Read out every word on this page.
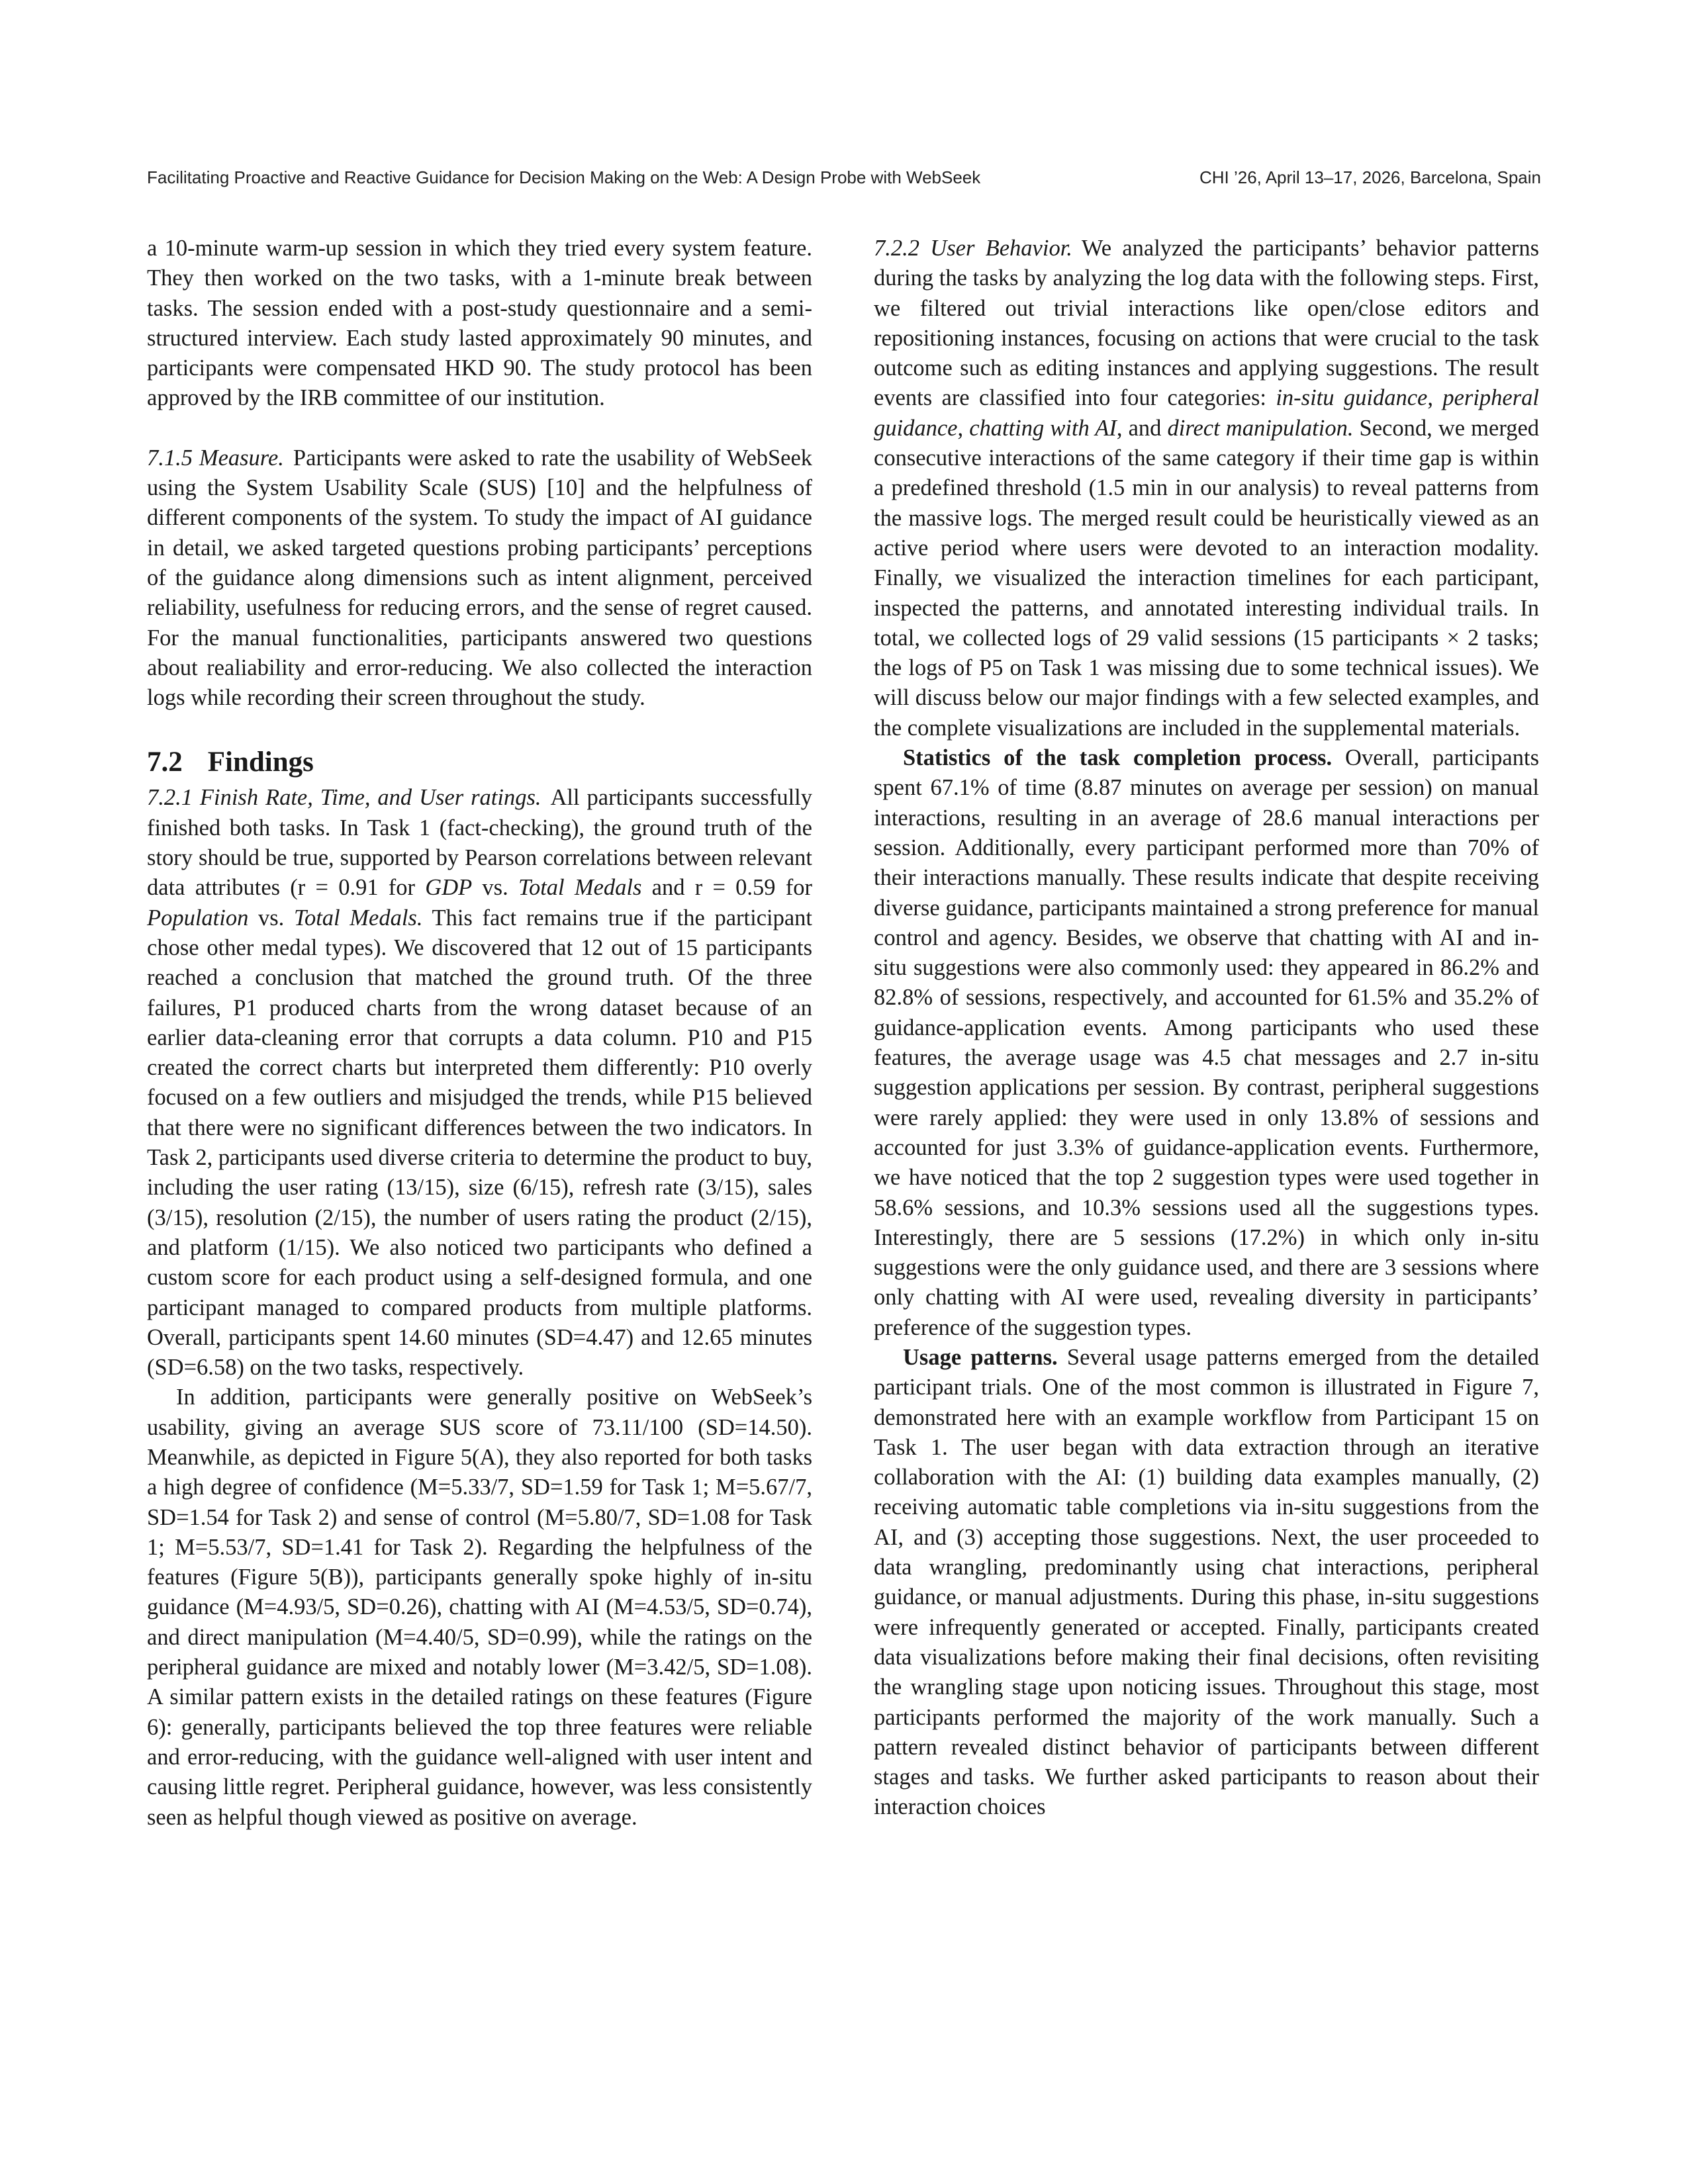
Facilitating Proactive and Reactive Guidance for Decision Making on the Web: A Design Probe with WebSeek	CHI ’26, April 13–17, 2026, Barcelona, Spain

a 10-minute warm-up session in which they tried every system feature. They then worked on the two tasks, with a 1-minute break between tasks. The session ended with a post-study questionnaire and a semi-structured interview. Each study lasted approximately 90 minutes, and participants were compensated HKD 90. The study protocol has been approved by the IRB committee of our institution.

7.1.5 Measure. Participants were asked to rate the usability of WebSeek using the System Usability Scale (SUS) [10] and the helpfulness of different components of the system. To study the impact of AI guidance in detail, we asked targeted questions probing participants’ perceptions of the guidance along dimensions such as intent alignment, perceived reliability, usefulness for reducing errors, and the sense of regret caused. For the manual functionalities, participants answered two questions about realiability and error-reducing. We also collected the interaction logs while recording their screen throughout the study.

7.2 Findings

7.2.1 Finish Rate, Time, and User ratings. All participants successfully finished both tasks. In Task 1 (fact-checking), the ground truth of the story should be true, supported by Pearson correlations between relevant data attributes (r = 0.91 for GDP vs. Total Medals and r = 0.59 for Population vs. Total Medals. This fact remains true if the participant chose other medal types). We discovered that 12 out of 15 participants reached a conclusion that matched the ground truth. Of the three failures, P1 produced charts from the wrong dataset because of an earlier data-cleaning error that corrupts a data column. P10 and P15 created the correct charts but interpreted them differently: P10 overly focused on a few outliers and misjudged the trends, while P15 believed that there were no significant differences between the two indicators. In Task 2, participants used diverse criteria to determine the product to buy, including the user rating (13/15), size (6/15), refresh rate (3/15), sales (3/15), resolution (2/15), the number of users rating the product (2/15), and platform (1/15). We also noticed two participants who defined a custom score for each product using a self-designed formula, and one participant managed to compared products from multiple platforms. Overall, participants spent 14.60 minutes (SD=4.47) and 12.65 minutes (SD=6.58) on the two tasks, respectively.

In addition, participants were generally positive on WebSeek’s usability, giving an average SUS score of 73.11/100 (SD=14.50). Meanwhile, as depicted in Figure 5(A), they also reported for both tasks a high degree of confidence (M=5.33/7, SD=1.59 for Task 1; M=5.67/7, SD=1.54 for Task 2) and sense of control (M=5.80/7, SD=1.08 for Task 1; M=5.53/7, SD=1.41 for Task 2). Regarding the helpfulness of the features (Figure 5(B)), participants generally spoke highly of in-situ guidance (M=4.93/5, SD=0.26), chatting with AI (M=4.53/5, SD=0.74), and direct manipulation (M=4.40/5, SD=0.99), while the ratings on the peripheral guidance are mixed and notably lower (M=3.42/5, SD=1.08). A similar pattern exists in the detailed ratings on these features (Figure 6): generally, participants believed the top three features were reliable and error-reducing, with the guidance well-aligned with user intent and causing little regret. Peripheral guidance, however, was less consistently seen as helpful though viewed as positive on average.

7.2.2 User Behavior. We analyzed the participants’ behavior patterns during the tasks by analyzing the log data with the following steps. First, we filtered out trivial interactions like open/close editors and repositioning instances, focusing on actions that were crucial to the task outcome such as editing instances and applying suggestions. The result events are classified into four categories: in-situ guidance, peripheral guidance, chatting with AI, and direct manipulation. Second, we merged consecutive interactions of the same category if their time gap is within a predefined threshold (1.5 min in our analysis) to reveal patterns from the massive logs. The merged result could be heuristically viewed as an active period where users were devoted to an interaction modality. Finally, we visualized the interaction timelines for each participant, inspected the patterns, and annotated interesting individual trails. In total, we collected logs of 29 valid sessions (15 participants × 2 tasks; the logs of P5 on Task 1 was missing due to some technical issues). We will discuss below our major findings with a few selected examples, and the complete visualizations are included in the supplemental materials.

Statistics of the task completion process. Overall, participants spent 67.1% of time (8.87 minutes on average per session) on manual interactions, resulting in an average of 28.6 manual interactions per session. Additionally, every participant performed more than 70% of their interactions manually. These results indicate that despite receiving diverse guidance, participants maintained a strong preference for manual control and agency. Besides, we observe that chatting with AI and in-situ suggestions were also commonly used: they appeared in 86.2% and 82.8% of sessions, respectively, and accounted for 61.5% and 35.2% of guidance-application events. Among participants who used these features, the average usage was 4.5 chat messages and 2.7 in-situ suggestion applications per session. By contrast, peripheral suggestions were rarely applied: they were used in only 13.8% of sessions and accounted for just 3.3% of guidance-application events. Furthermore, we have noticed that the top 2 suggestion types were used together in 58.6% sessions, and 10.3% sessions used all the suggestions types. Interestingly, there are 5 sessions (17.2%) in which only in-situ suggestions were the only guidance used, and there are 3 sessions where only chatting with AI were used, revealing diversity in participants’ preference of the suggestion types.

Usage patterns. Several usage patterns emerged from the detailed participant trials. One of the most common is illustrated in Figure 7, demonstrated here with an example workflow from Participant 15 on Task 1. The user began with data extraction through an iterative collaboration with the AI: (1) building data examples manually, (2) receiving automatic table completions via in-situ suggestions from the AI, and (3) accepting those suggestions. Next, the user proceeded to data wrangling, predominantly using chat interactions, peripheral guidance, or manual adjustments. During this phase, in-situ suggestions were infrequently generated or accepted. Finally, participants created data visualizations before making their final decisions, often revisiting the wrangling stage upon noticing issues. Throughout this stage, most participants performed the majority of the work manually. Such a pattern revealed distinct behavior of participants between different stages and tasks. We further asked participants to reason about their interaction choices
